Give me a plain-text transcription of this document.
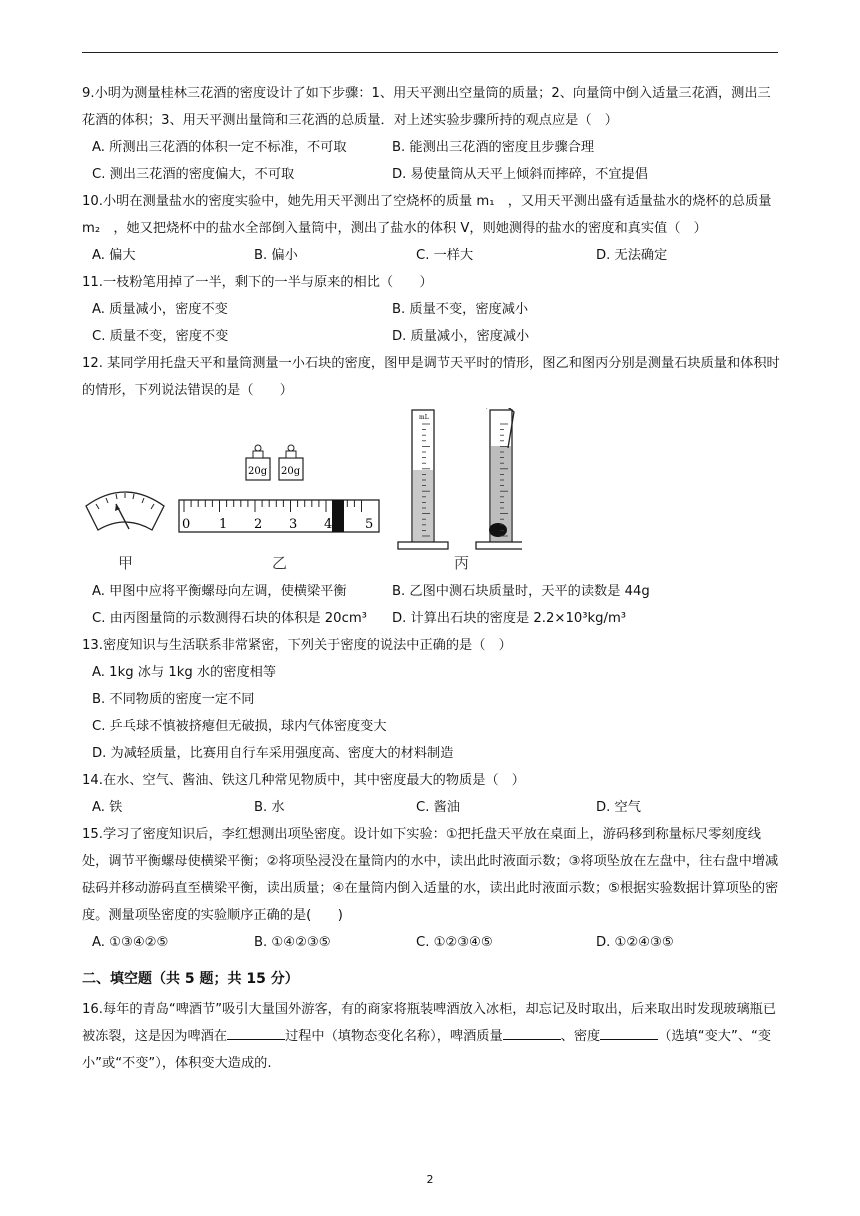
9.小明为测量桂林三花酒的密度设计了如下步骤：1、用天平测出空量筒的质量；2、向量筒中倒入适量三花酒，测出三花酒的体积；3、用天平测出量筒和三花酒的总质量．对上述实验步骤所持的观点应是（　）

A. 所测出三花酒的体积一定不标准，不可取	B. 能测出三花酒的密度且步骤合理
C. 测出三花酒的密度偏大，不可取	D. 易使量筒从天平上倾斜而摔碎，不宜提倡

10.小明在测量盐水的密度实验中，她先用天平测出了空烧杯的质量 m₁　，又用天平测出盛有适量盐水的烧杯的总质量 m₂　，她又把烧杯中的盐水全部倒入量筒中，测出了盐水的体积 V，则她测得的盐水的密度和真实值（　）

A. 偏大	B. 偏小	C. 一样大	D. 无法确定

11.一枝粉笔用掉了一半，剩下的一半与原来的相比（　　）

A. 质量减小，密度不变	B. 质量不变，密度减小
C. 质量不变，密度不变	D. 质量减小，密度减小

12. 某同学用托盘天平和量筒测量一小石块的密度，图甲是调节天平时的情形，图乙和图丙分别是测量石块质量和体积时的情形，下列说法错误的是（　　）

甲
20g 20g
0 1 2 3 4	5
乙
mL
丙
A. 甲图中应将平衡螺母向左调，使横梁平衡	B. 乙图中测石块质量时，天平的读数是 44g
C. 由丙图量筒的示数测得石块的体积是 20cm³	D. 计算出石块的密度是 2.2×10³kg/m³

13.密度知识与生活联系非常紧密，下列关于密度的说法中正确的是（　）

A. 1kg 冰与 1kg 水的密度相等
B. 不同物质的密度一定不同
C. 乒乓球不慎被挤瘪但无破损，球内气体密度变大
D. 为减轻质量，比赛用自行车采用强度高、密度大的材料制造

14.在水、空气、酱油、铁这几种常见物质中，其中密度最大的物质是（　）

A. 铁	B. 水	C. 酱油	D. 空气

15.学习了密度知识后，李红想测出项坠密度。设计如下实验：①把托盘天平放在桌面上，游码移到称量标尺零刻度线处，调节平衡螺母使横梁平衡；②将项坠浸没在量筒内的水中，读出此时液面示数；③将项坠放在左盘中，往右盘中增减砝码并移动游码直至横梁平衡，读出质量；④在量筒内倒入适量的水，读出此时液面示数；⑤根据实验数据计算项坠的密度。测量项坠密度的实验顺序正确的是(　　)

A. ①③④②⑤	B. ①④②③⑤	C. ①②③④⑤	D. ①②④③⑤
二、填空题（共 5 题；共 15 分）

16.每年的青岛“啤酒节”吸引大量国外游客，有的商家将瓶装啤酒放入冰柜，却忘记及时取出，后来取出时发现玻璃瓶已被冻裂，这是因为啤酒在	过程中（填物态变化名称），啤酒质量	、密度	（选填“变大”、“变小”或“不变”），体积变大造成的.

2
